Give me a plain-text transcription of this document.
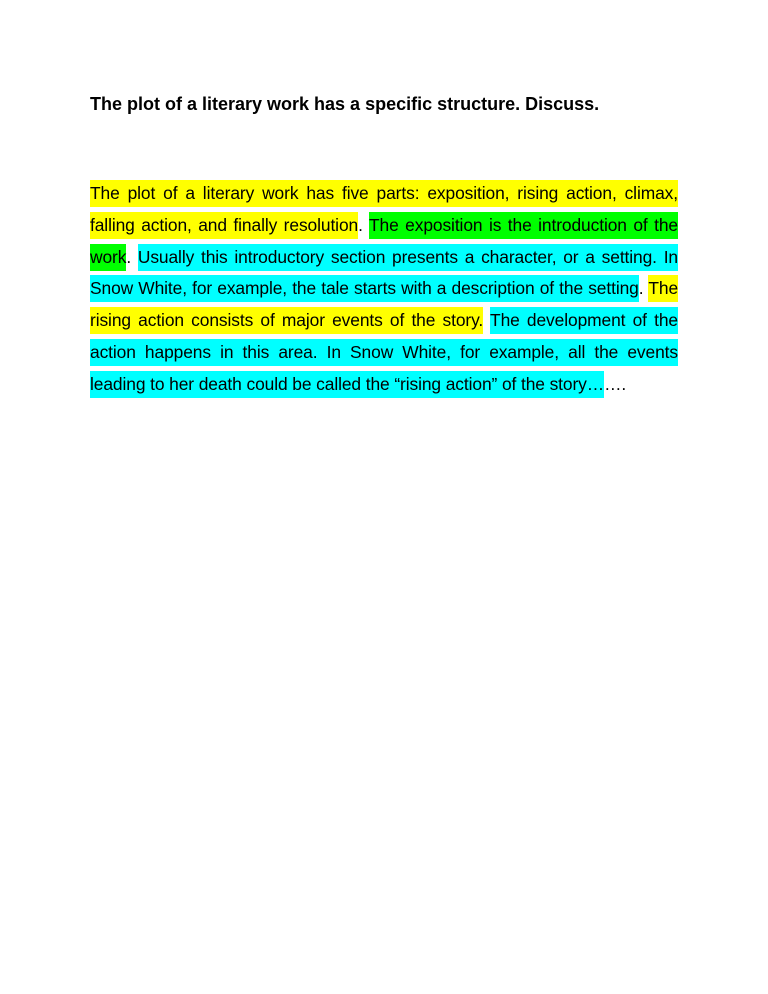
The plot of a literary work has a specific structure. Discuss.

The plot of a literary work has five parts: exposition, rising action, climax, falling action, and finally resolution. The exposition is the introduction of the work. Usually this introductory section presents a character, or a setting. In Snow White, for example, the tale starts with a description of the setting. The rising action consists of major events of the story. The development of the action happens in this area. In Snow White, for example, all the events leading to her death could be called the “rising action” of the story…….
